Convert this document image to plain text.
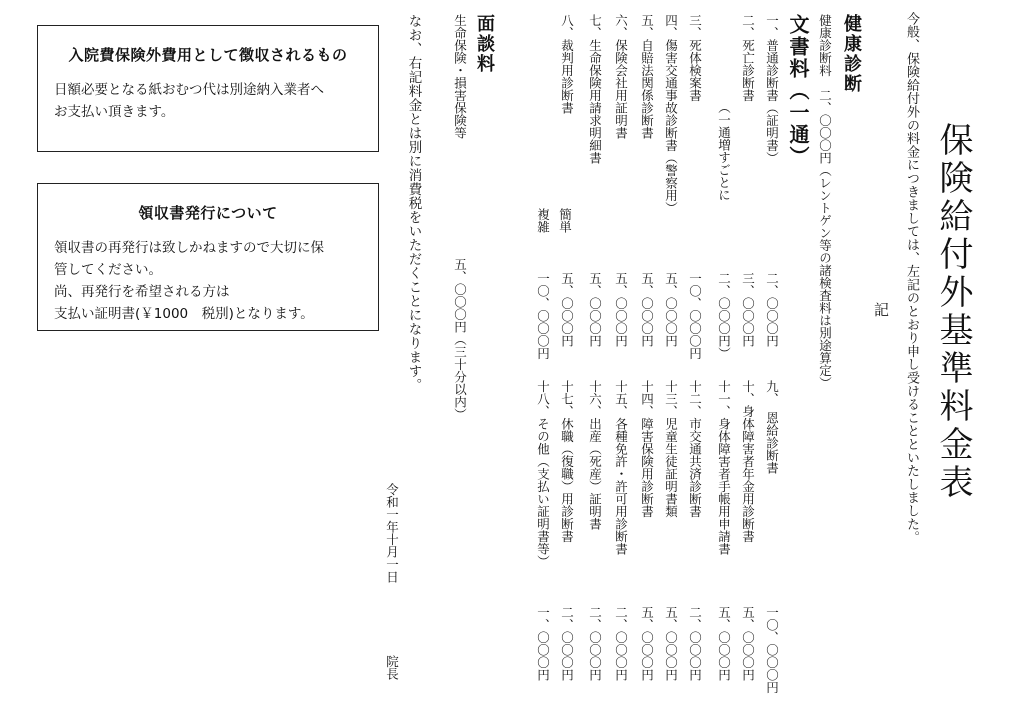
入院費保険外費用として徴収されるもの

日額必要となる紙おむつ代は別途納入業者へ

お支払い頂きます。

領収書発行について

領収書の再発行は致しかねますので大切に保

管してください。

尚、再発行を希望される方は

支払い証明書(￥1000　税別)となります。	保険給付外基準料金表
今般、保険給付外の料金につきましては、左記のとおり申し受けることといたしました。
記
健康診断
健康診断料　二、〇〇〇円（レントゲン等の諸検査料は別途算定）
文書料（一通）
一、普通診断書（証明書）
二、〇〇〇円
九、　恩給診断書
一〇、〇〇〇円
二、死亡診断書
三、〇〇〇円
十、身体障害者年金用診断書
五、〇〇〇円
二、〇〇〇円）
十一、身体障害者手帳用申請書
五、〇〇〇円
（一通増すごとに
三、死体検案書
一〇、〇〇〇円
十二、市交通共済診断書
二、〇〇〇円
四、傷害交通事故診断書（警察用）
五、〇〇〇円
十三、児童生徒証明書類
五、〇〇〇円
五、自賠法関係診断書
五、〇〇〇円
十四、障害保険用診断書
五、〇〇〇円
六、保険会社用証明書
五、〇〇〇円
十五、各種免許・許可用診断書
二、〇〇〇円
七、生命保険用請求明細書
五、〇〇〇円
十六、出産（死産）証明書
二、〇〇〇円
八、裁判用診断書
五、〇〇〇円
十七、休職（復職）用診断書
二、〇〇〇円
簡単
一〇、〇〇〇円
十八、その他（支払い証明書等）
一、〇〇〇円
複雑
面談料
生命保険・損害保険等
五、〇〇〇円（三十分以内）
なお、右記料金とは別に消費税をいただくことになります。
令和一年十月一日
院長
